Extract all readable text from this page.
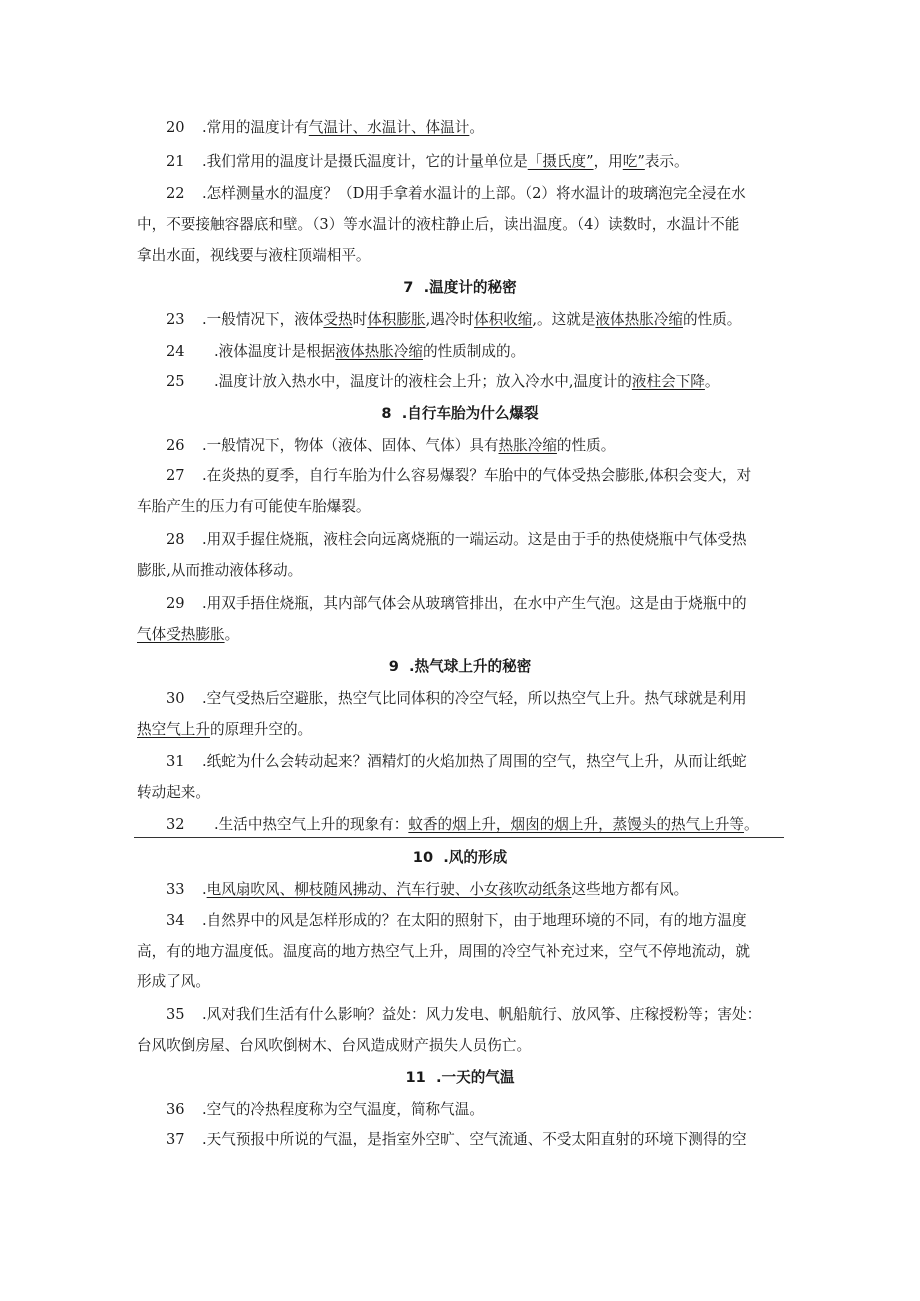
20 .常用的温度计有气温计、水温计、体温计。
21 .我们常用的温度计是摄氏温度计，它的计量单位是「摄氏度”，用吃”表示。
22 .怎样测量水的温度？（D用手拿着水温计的上部。（2）将水温计的玻璃泡完全浸在水
中，不要接触容器底和壁。（3）等水温计的液柱静止后，读出温度。（4）读数时，水温计不能
拿出水面，视线要与液柱顶端相平。
7  .温度计的秘密
23 .一般情况下，液体受热时体积膨胀,遇冷时体积收缩,。这就是液体热胀冷缩的性质。
24 .液体温度计是根据液体热胀冷缩的性质制成的。
25 .温度计放入热水中，温度计的液柱会上升；放入冷水中,温度计的液柱会下降。
8  .自行车胎为什么爆裂
26 .一般情况下，物体（液体、固体、气体）具有热胀冷缩的性质。
27 .在炎热的夏季，自行车胎为什么容易爆裂？车胎中的气体受热会膨胀,体积会变大，对
车胎产生的压力有可能使车胎爆裂。
28 .用双手握住烧瓶，液柱会向远离烧瓶的一端运动。这是由于手的热使烧瓶中气体受热
膨胀,从而推动液体移动。
29 .用双手捂住烧瓶，其内部气体会从玻璃管排出，在水中产生气泡。这是由于烧瓶中的
气体受热膨胀。
9  .热气球上升的秘密
30 .空气受热后空避胀，热空气比同体积的冷空气轻，所以热空气上升。热气球就是利用
热空气上升的原理升空的。
31 .纸蛇为什么会转动起来？酒精灯的火焰加热了周围的空气，热空气上升，从而让纸蛇
转动起来。
32 .生活中热空气上升的现象有：蚊香的烟上升，烟囱的烟上升，蒸馒头的热气上升等。
10  .风的形成
33 .电风扇吹风、柳枝随风拂动、汽车行驶、小女孩吹动纸条这些地方都有风。
34 .自然界中的风是怎样形成的？在太阳的照射下，由于地理环境的不同，有的地方温度
高，有的地方温度低。温度高的地方热空气上升，周围的冷空气补充过来，空气不停地流动，就
形成了风。
35 .风对我们生活有什么影响？益处：风力发电、帆船航行、放风筝、庄稼授粉等；害处：
台风吹倒房屋、台风吹倒树木、台风造成财产损失人员伤亡。
11  .一天的气温
36 .空气的冷热程度称为空气温度，简称气温。
37 .天气预报中所说的气温，是指室外空旷、空气流通、不受太阳直射的环境下测得的空
